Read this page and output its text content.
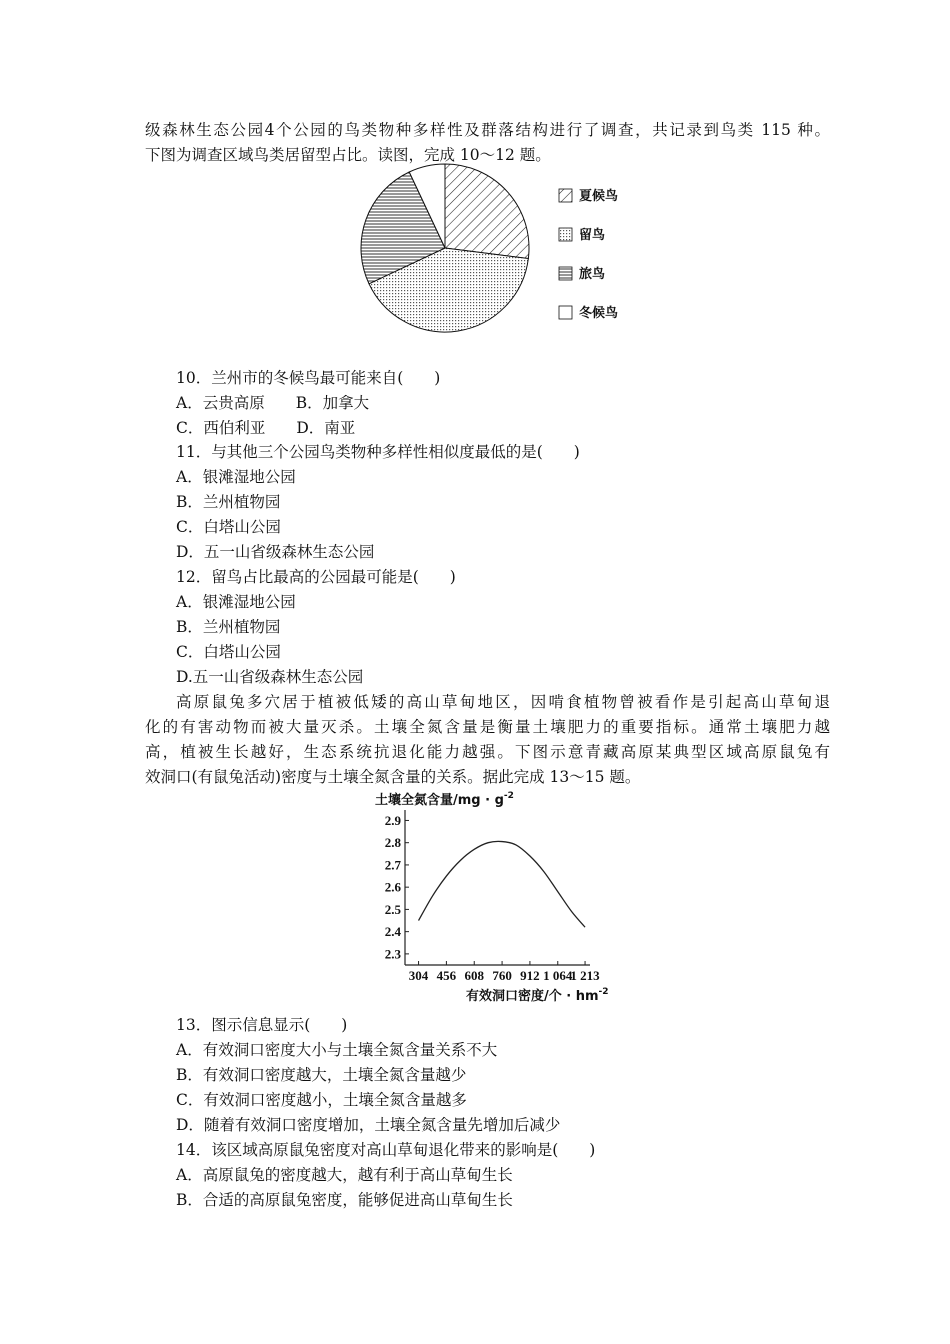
级森林生态公园4个公园的鸟类物种多样性及群落结构进行了调查，共记录到鸟类 115 种。
下图为调查区域鸟类居留型占比。读图，完成 10～12 题。
夏候鸟
留鸟
旅鸟
冬候鸟
10．兰州市的冬候鸟最可能来自(　　)
A．云贵高原　　B．加拿大
C．西伯利亚　　D．南亚
11．与其他三个公园鸟类物种多样性相似度最低的是(　　)
A．银滩湿地公园
B．兰州植物园
C．白塔山公园
D．五一山省级森林生态公园
12．留鸟占比最高的公园最可能是(　　)
A．银滩湿地公园
B．兰州植物园
C．白塔山公园
D.五一山省级森林生态公园
高原鼠兔多穴居于植被低矮的高山草甸地区，因啃食植物曾被看作是引起高山草甸退
化的有害动物而被大量灭杀。土壤全氮含量是衡量土壤肥力的重要指标。通常土壤肥力越
高，植被生长越好，生态系统抗退化能力越强。下图示意青藏高原某典型区域高原鼠兔有
效洞口(有鼠兔活动)密度与土壤全氮含量的关系。据此完成 13～15 题。
土壤全氮含量$/mg \cdot g^{-2}$
2.9
2.8
2.7
2.6
2.5
2.4
2.3
304 456 608 760 912 1 064
1 213
有效洞口密度/个 · $hm^{-2}$
13．图示信息显示(　　)
A．有效洞口密度大小与土壤全氮含量关系不大
B．有效洞口密度越大，土壤全氮含量越少
C．有效洞口密度越小，土壤全氮含量越多
D．随着有效洞口密度增加，土壤全氮含量先增加后减少
14．该区域高原鼠兔密度对高山草甸退化带来的影响是(　　)
A．高原鼠兔的密度越大，越有利于高山草甸生长
B．合适的高原鼠兔密度，能够促进高山草甸生长
